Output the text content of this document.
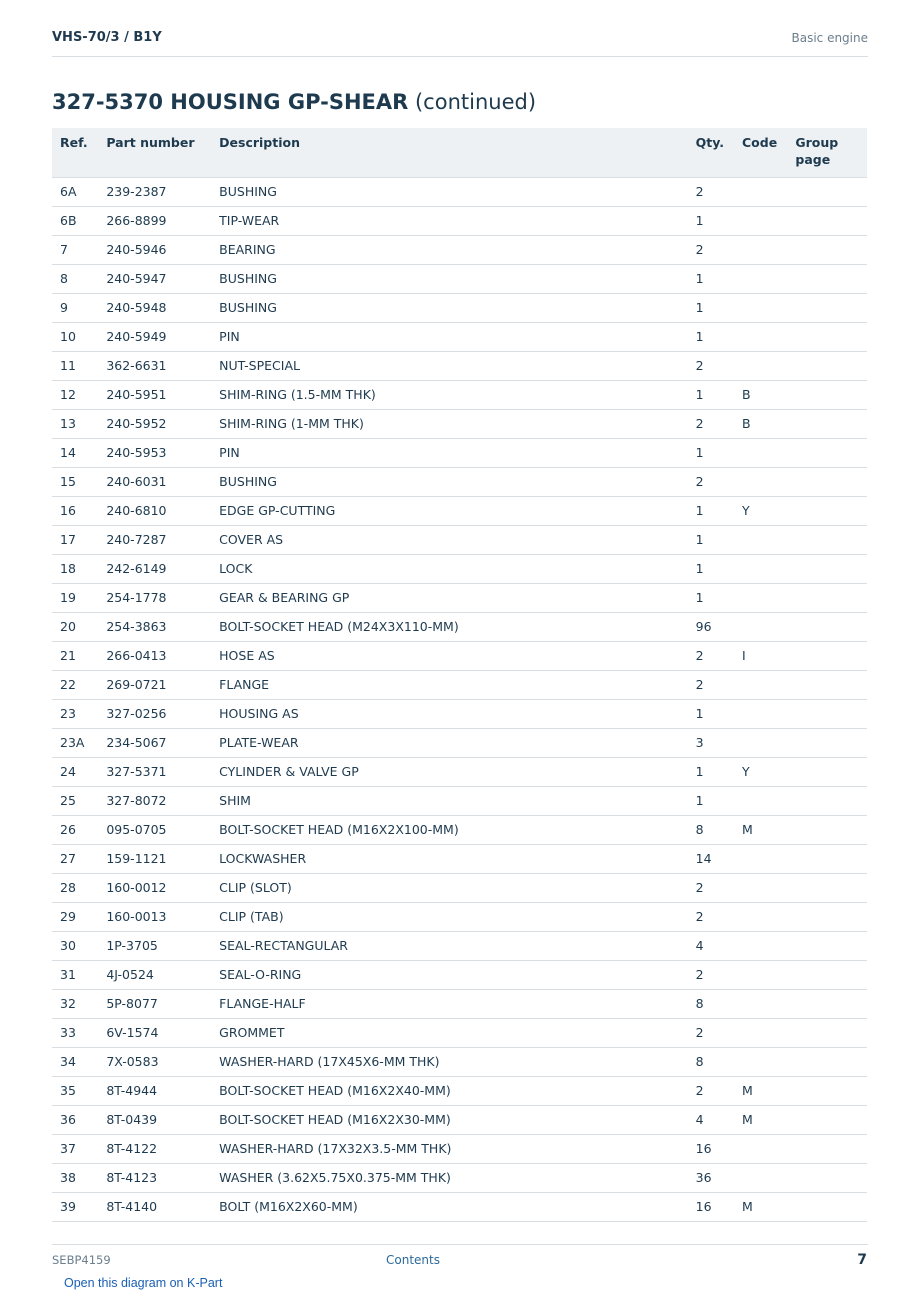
VHS-70/3 / B1Y	Basic engine
327-5370 HOUSING GP-SHEAR (continued)
Ref.	Part number	Description	Qty.	Code	Group page
6A	239-2387	BUSHING	2		
6B	266-8899	TIP-WEAR	1		
7	240-5946	BEARING	2		
8	240-5947	BUSHING	1		
9	240-5948	BUSHING	1		
10	240-5949	PIN	1		
11	362-6631	NUT-SPECIAL	2		
12	240-5951	SHIM-RING (1.5-MM THK)	1	B	
13	240-5952	SHIM-RING (1-MM THK)	2	B	
14	240-5953	PIN	1		
15	240-6031	BUSHING	2		
16	240-6810	EDGE GP-CUTTING	1	Y	
17	240-7287	COVER AS	1		
18	242-6149	LOCK	1		
19	254-1778	GEAR & BEARING GP	1		
20	254-3863	BOLT-SOCKET HEAD (M24X3X110-MM)	96		
21	266-0413	HOSE AS	2	I	
22	269-0721	FLANGE	2		
23	327-0256	HOUSING AS	1		
23A	234-5067	PLATE-WEAR	3		
24	327-5371	CYLINDER & VALVE GP	1	Y	
25	327-8072	SHIM	1		
26	095-0705	BOLT-SOCKET HEAD (M16X2X100-MM)	8	M	
27	159-1121	LOCKWASHER	14		
28	160-0012	CLIP (SLOT)	2		
29	160-0013	CLIP (TAB)	2		
30	1P-3705	SEAL-RECTANGULAR	4		
31	4J-0524	SEAL-O-RING	2		
32	5P-8077	FLANGE-HALF	8		
33	6V-1574	GROMMET	2		
34	7X-0583	WASHER-HARD (17X45X6-MM THK)	8		
35	8T-4944	BOLT-SOCKET HEAD (M16X2X40-MM)	2	M	
36	8T-0439	BOLT-SOCKET HEAD (M16X2X30-MM)	4	M	
37	8T-4122	WASHER-HARD (17X32X3.5-MM THK)	16		
38	8T-4123	WASHER (3.62X5.75X0.375-MM THK)	36		
39	8T-4140	BOLT (M16X2X60-MM)	16	M	
SEBP4159	Contents	7
Open this diagram on K-Part
